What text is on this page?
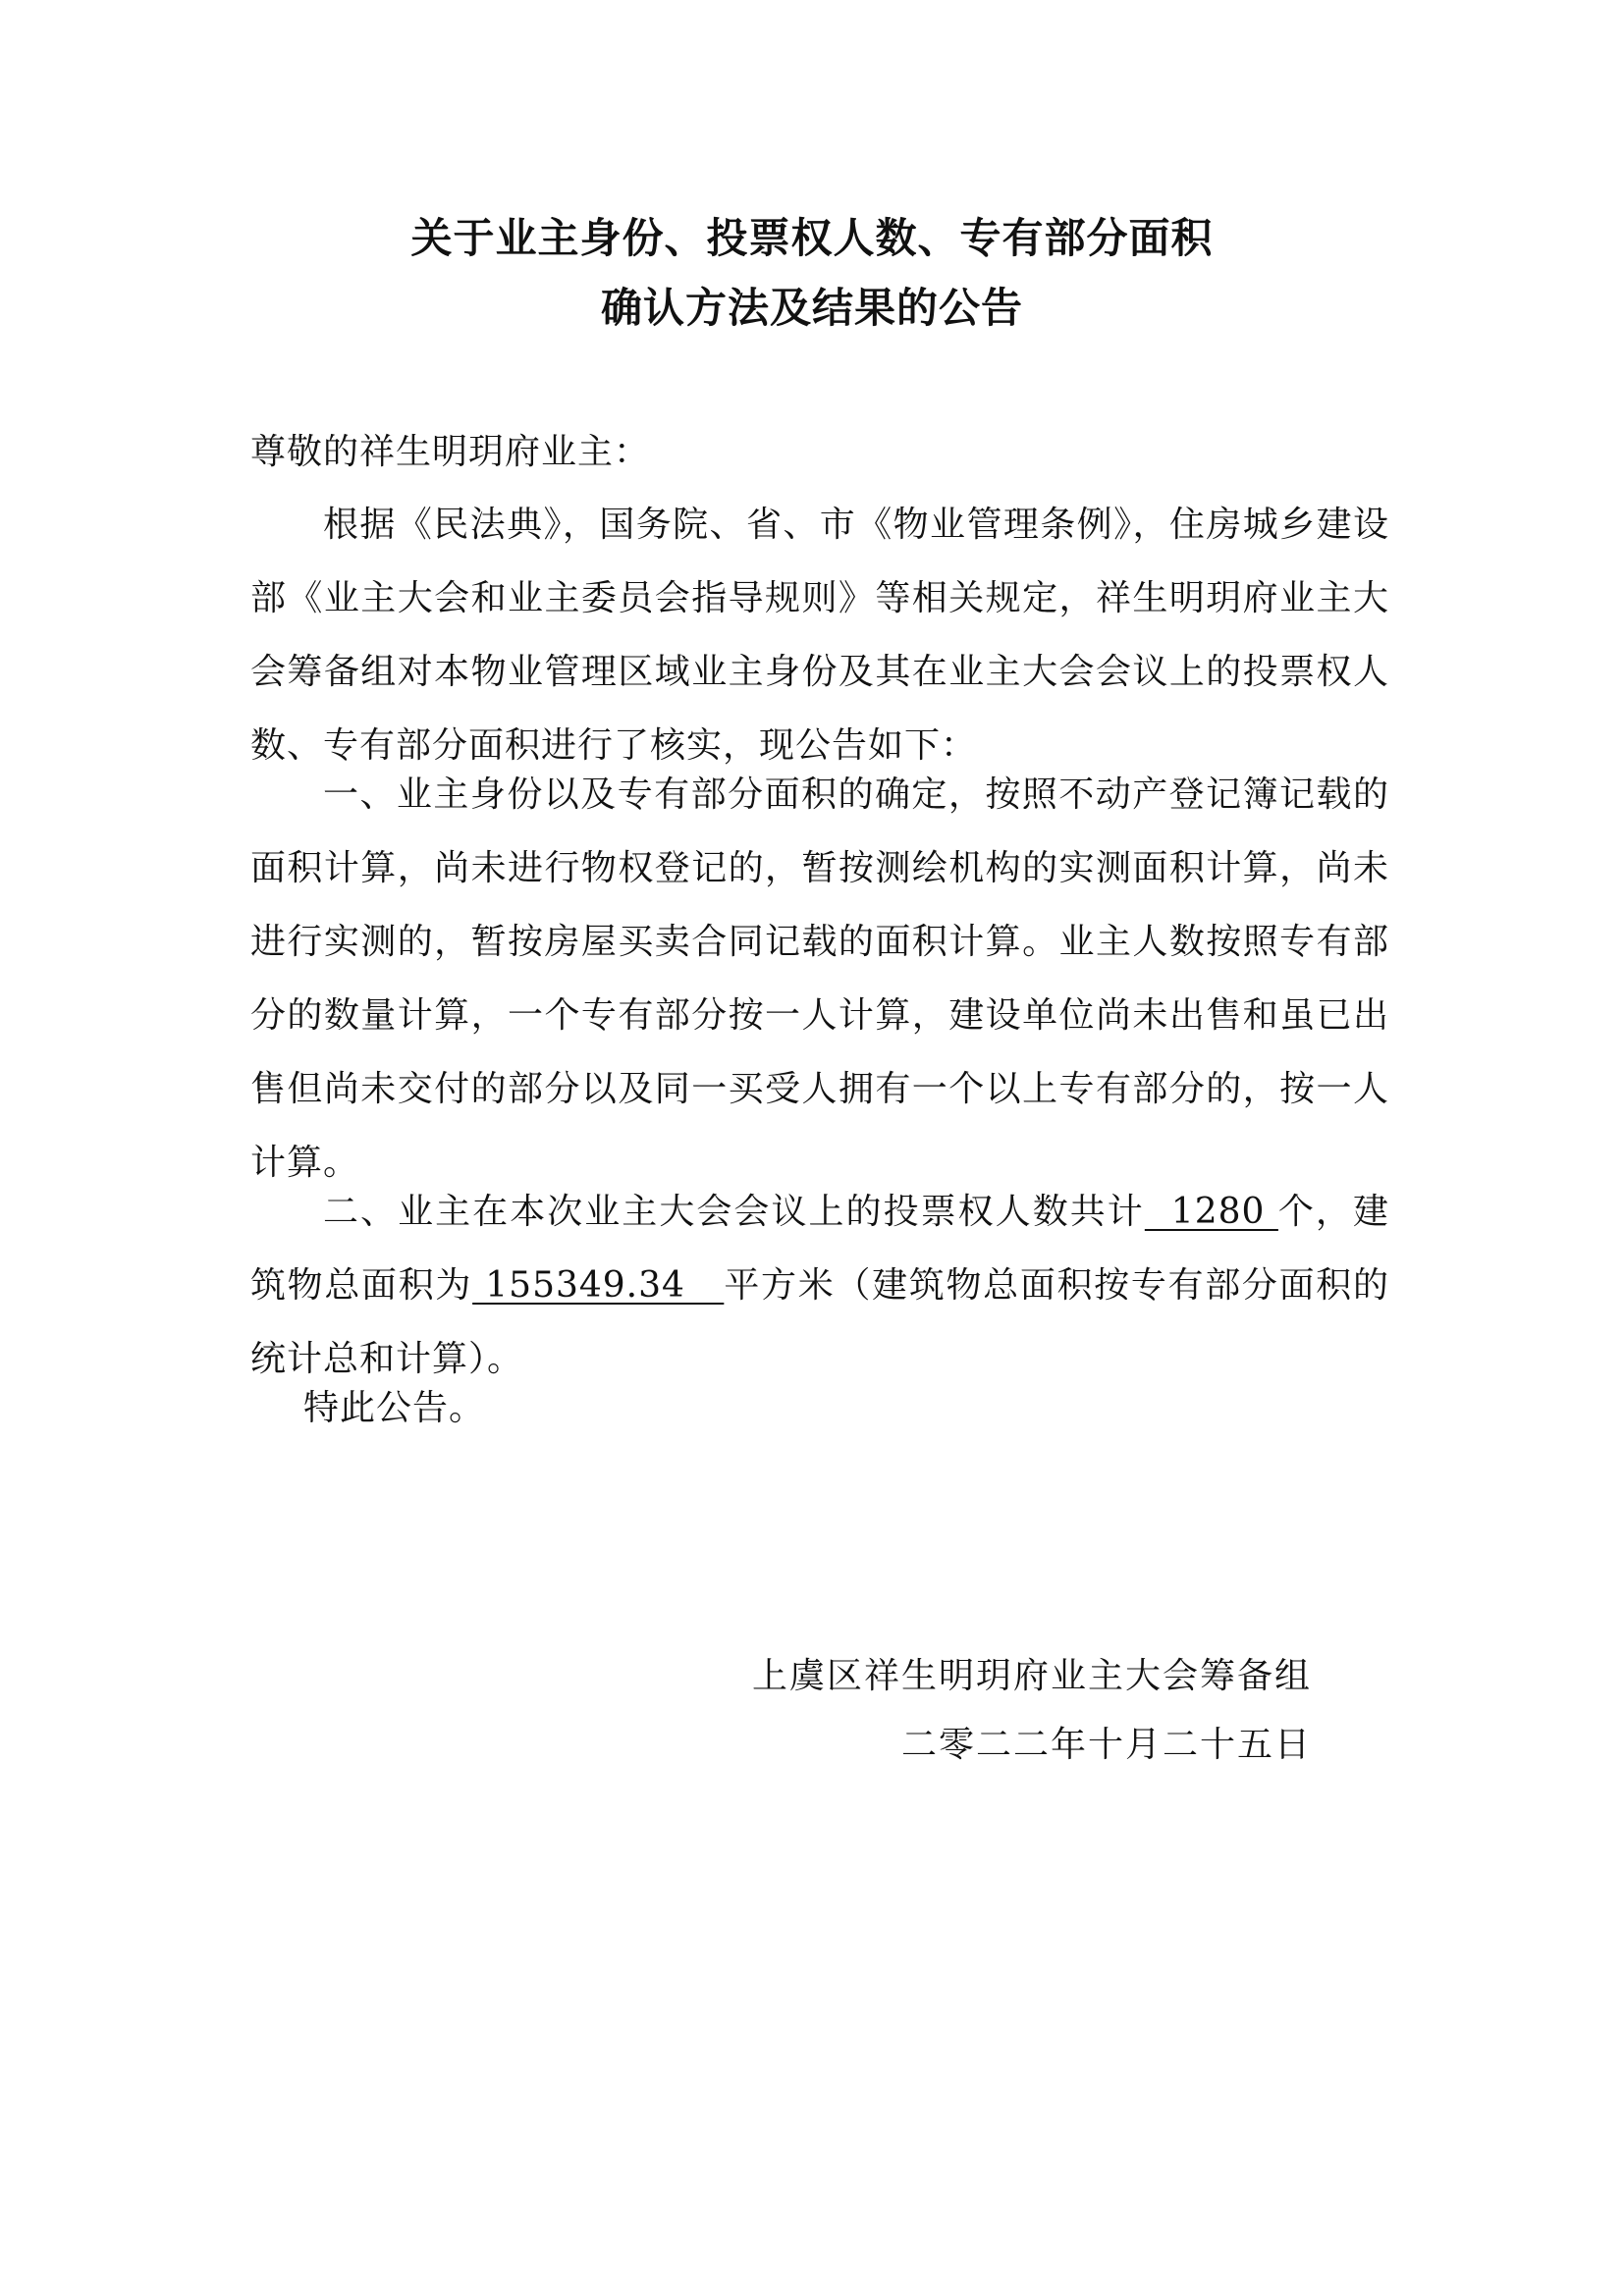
关于业主身份、投票权人数、专有部分面积
确认方法及结果的公告

尊敬的祥生明玥府业主：

根据《民法典》，国务院、省、市《物业管理条例》，住房城乡建设部《业主大会和业主委员会指导规则》等相关规定，祥生明玥府业主大会筹备组对本物业管理区域业主身份及其在业主大会会议上的投票权人数、专有部分面积进行了核实，现公告如下：

一、业主身份以及专有部分面积的确定，按照不动产登记簿记载的面积计算，尚未进行物权登记的，暂按测绘机构的实测面积计算，尚未进行实测的，暂按房屋买卖合同记载的面积计算。业主人数按照专有部分的数量计算，一个专有部分按一人计算，建设单位尚未出售和虽已出售但尚未交付的部分以及同一买受人拥有一个以上专有部分的，按一人计算。

二、业主在本次业主大会会议上的投票权人数共计  1280 个，建筑物总面积为 155349.34   平方米（建筑物总面积按专有部分面积的统计总和计算）。

特此公告。

上虞区祥生明玥府业主大会筹备组

二零二二年十月二十五日
